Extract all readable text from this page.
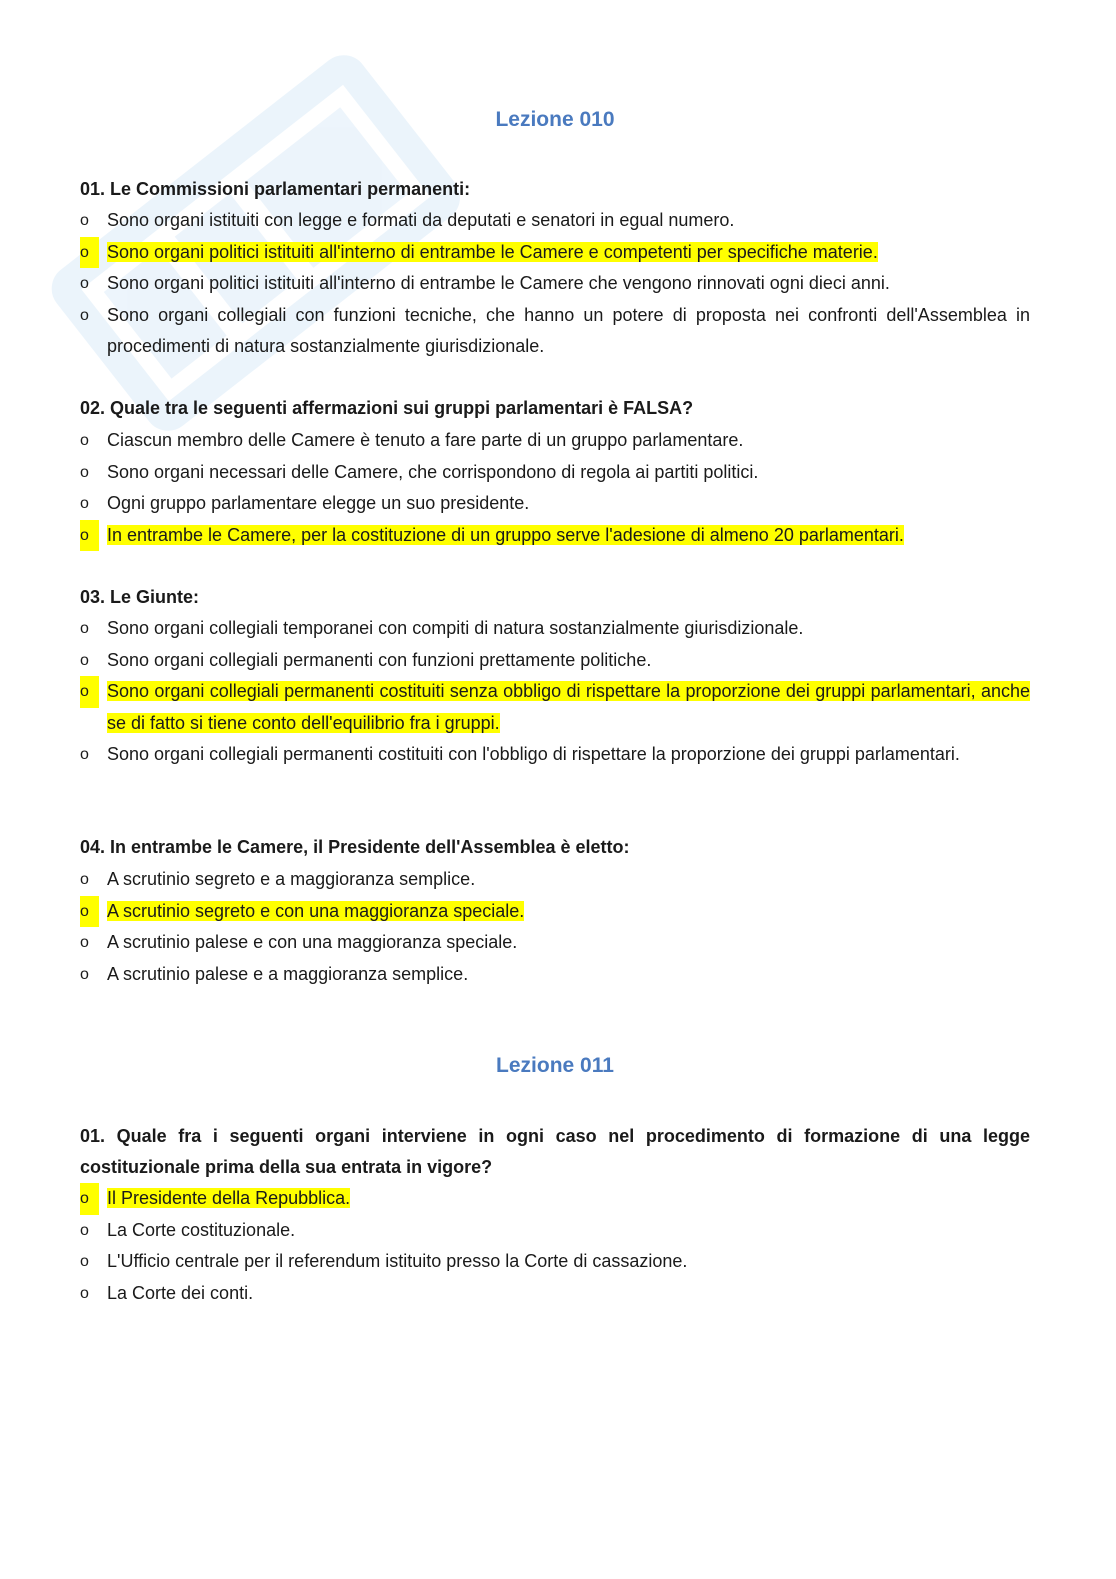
Lezione 010

01. Le Commissioni parlamentari permanenti:

o Sono organi istituiti con legge e formati da deputati e senatori in egual numero.
o	Sono organi politici istituiti all'interno di entrambe le Camere e competenti per specifiche materie.
o Sono organi politici istituiti all'interno di entrambe le Camere che vengono rinnovati ogni dieci anni.
o Sono organi collegiali con funzioni tecniche, che hanno un potere di proposta nei confronti dell'Assemblea in procedimenti di natura sostanzialmente giurisdizionale.

02. Quale tra le seguenti affermazioni sui gruppi parlamentari è FALSA?

o Ciascun membro delle Camere è tenuto a fare parte di un gruppo parlamentare.
o Sono organi necessari delle Camere, che corrispondono di regola ai partiti politici.
o Ogni gruppo parlamentare elegge un suo presidente.
o	In entrambe le Camere, per la costituzione di un gruppo serve l'adesione di almeno 20 parlamentari.

03. Le Giunte:

o Sono organi collegiali temporanei con compiti di natura sostanzialmente giurisdizionale.
o Sono organi collegiali permanenti con funzioni prettamente politiche.
o	Sono organi collegiali permanenti costituiti senza obbligo di rispettare la proporzione dei gruppi parlamentari, anche se di fatto si tiene conto dell'equilibrio fra i gruppi.
o Sono organi collegiali permanenti costituiti con l'obbligo di rispettare la proporzione dei gruppi parlamentari.

04. In entrambe le Camere, il Presidente dell'Assemblea è eletto:

o A scrutinio segreto e a maggioranza semplice.
o	A scrutinio segreto e con una maggioranza speciale.
o A scrutinio palese e con una maggioranza speciale.
o A scrutinio palese e a maggioranza semplice.
Lezione 011

01. Quale fra i seguenti organi interviene in ogni caso nel procedimento di formazione di una legge costituzionale prima della sua entrata in vigore?

o	Il Presidente della Repubblica.
o La Corte costituzionale.
o L'Ufficio centrale per il referendum istituito presso la Corte di cassazione.
o La Corte dei conti.
